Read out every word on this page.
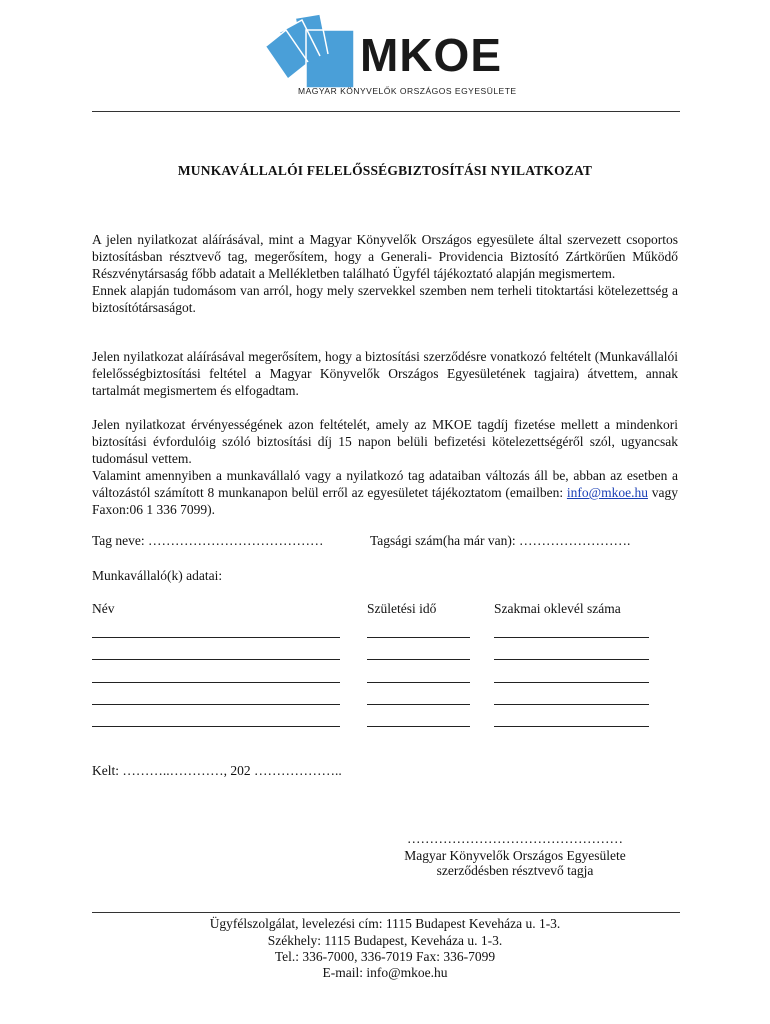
MKOE
MAGYAR KÖNYVELŐK ORSZÁGOS EGYESÜLETE
MUNKAVÁLLALÓI FELELŐSSÉGBIZTOSÍTÁSI NYILATKOZAT

A jelen nyilatkozat aláírásával, mint a Magyar Könyvelők Országos egyesülete által szervezett csoportos biztosításban résztvevő tag, megerősítem, hogy a Generali- Providencia Biztosító Zártkörűen Működő Részvénytársaság főbb adatait a Mellékletben található Ügyfél tájékoztató alapján megismertem.

Ennek alapján tudomásom van arról, hogy mely szervekkel szemben nem terheli titoktartási kötelezettség a biztosítótársaságot.

Jelen nyilatkozat aláírásával megerősítem, hogy a biztosítási szerződésre vonatkozó feltételt (Munkavállalói felelősségbiztosítási feltétel a Magyar Könyvelők Országos Egyesületének tagjaira) átvettem, annak tartalmát megismertem és elfogadtam.

Jelen nyilatkozat érvényességének azon feltételét, amely az MKOE tagdíj fizetése mellett a mindenkori biztosítási évfordulóig szóló biztosítási díj 15 napon belüli befizetési kötelezettségéről szól, ugyancsak tudomásul vettem.

Valamint amennyiben a munkavállaló vagy a nyilatkozó tag adataiban változás áll be, abban az esetben a változástól számított 8 munkanapon belül erről az egyesületet tájékoztatom (emailben: info@mkoe.hu vagy Faxon:06 1 336 7099).

Tag neve: …………………………………	Tagsági szám(ha már van): …………………….
Munkavállaló(k) adatai:
Név	Születési idő	Szakmai oklevél száma
Kelt: ………..…………, 202 ………………..
…………………………………………
Magyar Könyvelők Országos Egyesülete
szerződésben résztvevő tagja
Ügyfélszolgálat, levelezési cím: 1115 Budapest Keveháza u. 1-3.
Székhely: 1115 Budapest, Keveháza u. 1-3.
Tel.: 336-7000, 336-7019 Fax: 336-7099
E-mail: info@mkoe.hu
